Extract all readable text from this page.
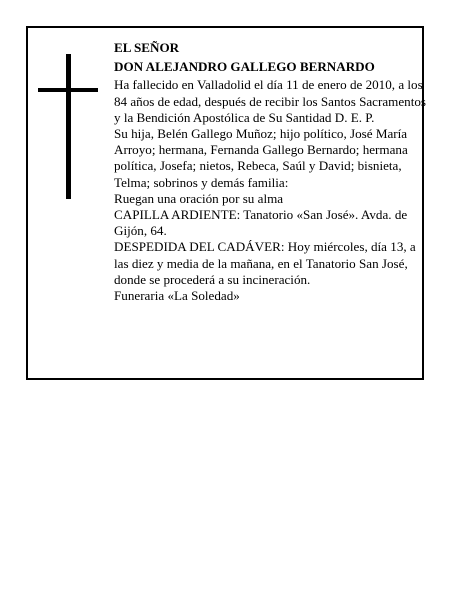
EL SEÑOR

DON ALEJANDRO GALLEGO BERNARDO

Ha fallecido en Valladolid el día 11 de enero de 2010, a los 84 años de edad, después de recibir los Santos Sacramentos y la Bendición Apostólica de Su Santidad D. E. P.

Su hija, Belén Gallego Muñoz; hijo político, José María Arroyo; hermana, Fernanda Gallego Bernardo; hermana política, Josefa; nietos, Rebeca, Saúl y David; bisnieta, Telma; sobrinos y demás familia:

Ruegan una oración por su alma

CAPILLA ARDIENTE: Tanatorio «San José». Avda. de Gijón, 64.

DESPEDIDA DEL CADÁVER: Hoy miércoles, día 13, a las diez y media de la mañana, en el Tanatorio San José, donde se procederá a su incineración.

Funeraria «La Soledad»
